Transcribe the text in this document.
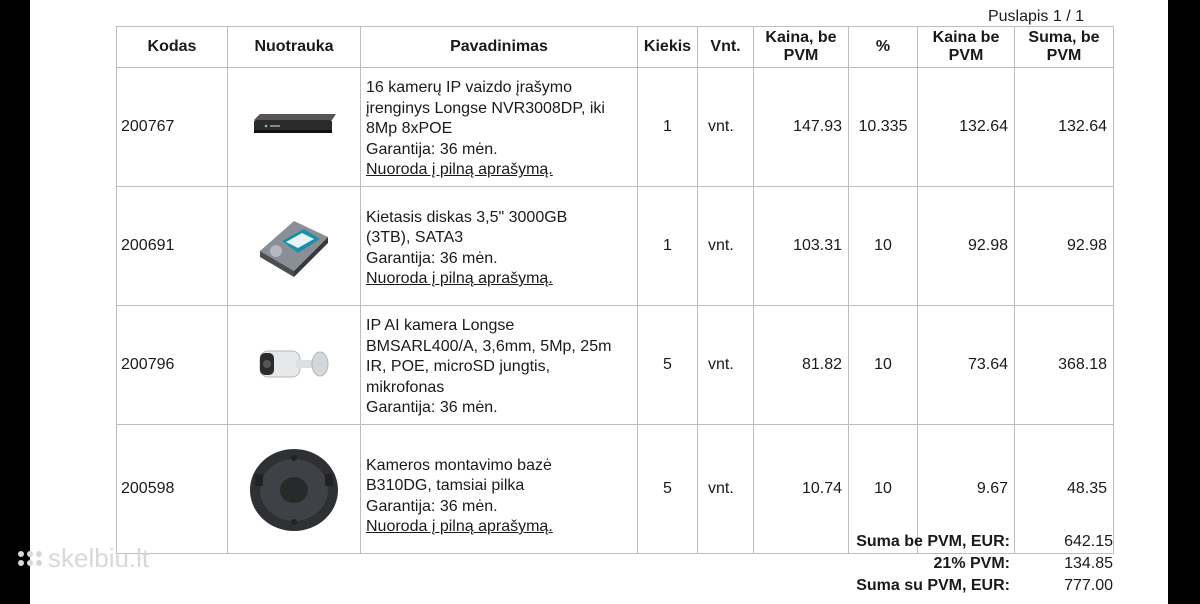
Puslapis 1 / 1
Kodas	Nuotrauka	Pavadinimas	Kiekis	Vnt.	Kaina, be PVM	%	Kaina be PVM	Suma, be PVM
200767		16 kamerų IP vaizdo įrašymo
įrenginys Longse NVR3008DP, iki
8Mp 8xPOE
Garantija: 36 mėn.
Nuoroda į pilną aprašymą.	1	vnt.	147.93	10.335	132.64	132.64
200691		Kietasis diskas 3,5" 3000GB
(3TB), SATA3
Garantija: 36 mėn.
Nuoroda į pilną aprašymą.	1	vnt.	103.31	10	92.98	92.98
200796		IP AI kamera Longse
BMSARL400/A, 3,6mm, 5Mp, 25m
IR, POE, microSD jungtis,
mikrofonas
Garantija: 36 mėn.	5	vnt.	81.82	10	73.64	368.18
200598		Kameros montavimo bazė
B310DG, tamsiai pilka
Garantija: 36 mėn.
Nuoroda į pilną aprašymą.	5	vnt.	10.74	10	9.67	48.35
Suma be PVM, EUR:	642.15
21% PVM:	134.85
Suma su PVM, EUR:	777.00
skelbiu.lt
